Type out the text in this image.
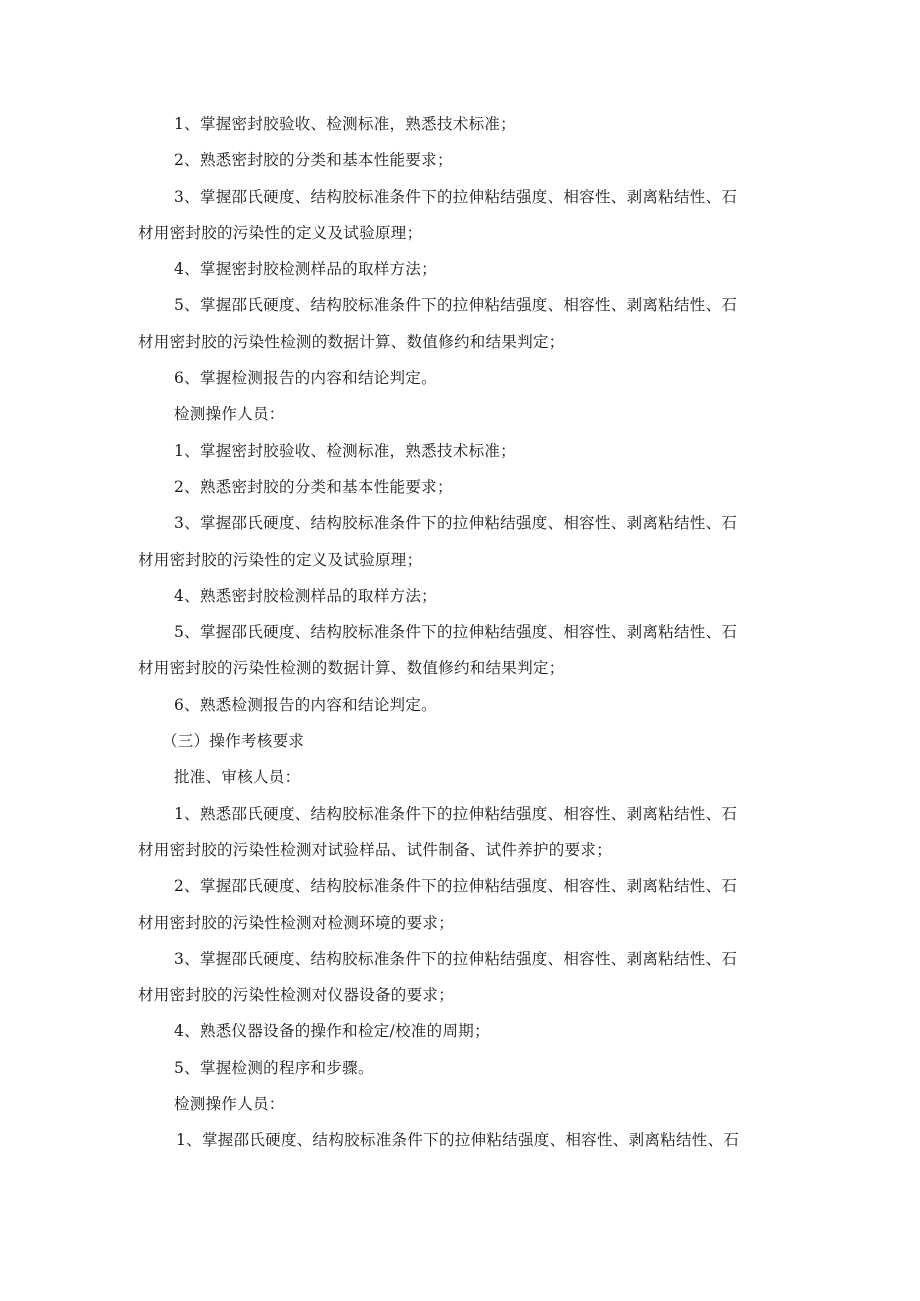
1、掌握密封胶验收、检测标准，熟悉技术标准；
2、熟悉密封胶的分类和基本性能要求；
3、掌握邵氏硬度、结构胶标准条件下的拉伸粘结强度、相容性、剥离粘结性、石
材用密封胶的污染性的定义及试验原理；
4、掌握密封胶检测样品的取样方法；
5、掌握邵氏硬度、结构胶标准条件下的拉伸粘结强度、相容性、剥离粘结性、石
材用密封胶的污染性检测的数据计算、数值修约和结果判定；
6、掌握检测报告的内容和结论判定。
检测操作人员：
1、掌握密封胶验收、检测标准，熟悉技术标准；
2、熟悉密封胶的分类和基本性能要求；
3、掌握邵氏硬度、结构胶标准条件下的拉伸粘结强度、相容性、剥离粘结性、石
材用密封胶的污染性的定义及试验原理；
4、熟悉密封胶检测样品的取样方法；
5、掌握邵氏硬度、结构胶标准条件下的拉伸粘结强度、相容性、剥离粘结性、石
材用密封胶的污染性检测的数据计算、数值修约和结果判定；
6、熟悉检测报告的内容和结论判定。
（三）操作考核要求
批准、审核人员：
1、熟悉邵氏硬度、结构胶标准条件下的拉伸粘结强度、相容性、剥离粘结性、石
材用密封胶的污染性检测对试验样品、试件制备、试件养护的要求；
2、掌握邵氏硬度、结构胶标准条件下的拉伸粘结强度、相容性、剥离粘结性、石
材用密封胶的污染性检测对检测环境的要求；
3、掌握邵氏硬度、结构胶标准条件下的拉伸粘结强度、相容性、剥离粘结性、石
材用密封胶的污染性检测对仪器设备的要求；
4、熟悉仪器设备的操作和检定/校准的周期；
5、掌握检测的程序和步骤。
检测操作人员：
1、掌握邵氏硬度、结构胶标准条件下的拉伸粘结强度、相容性、剥离粘结性、石
